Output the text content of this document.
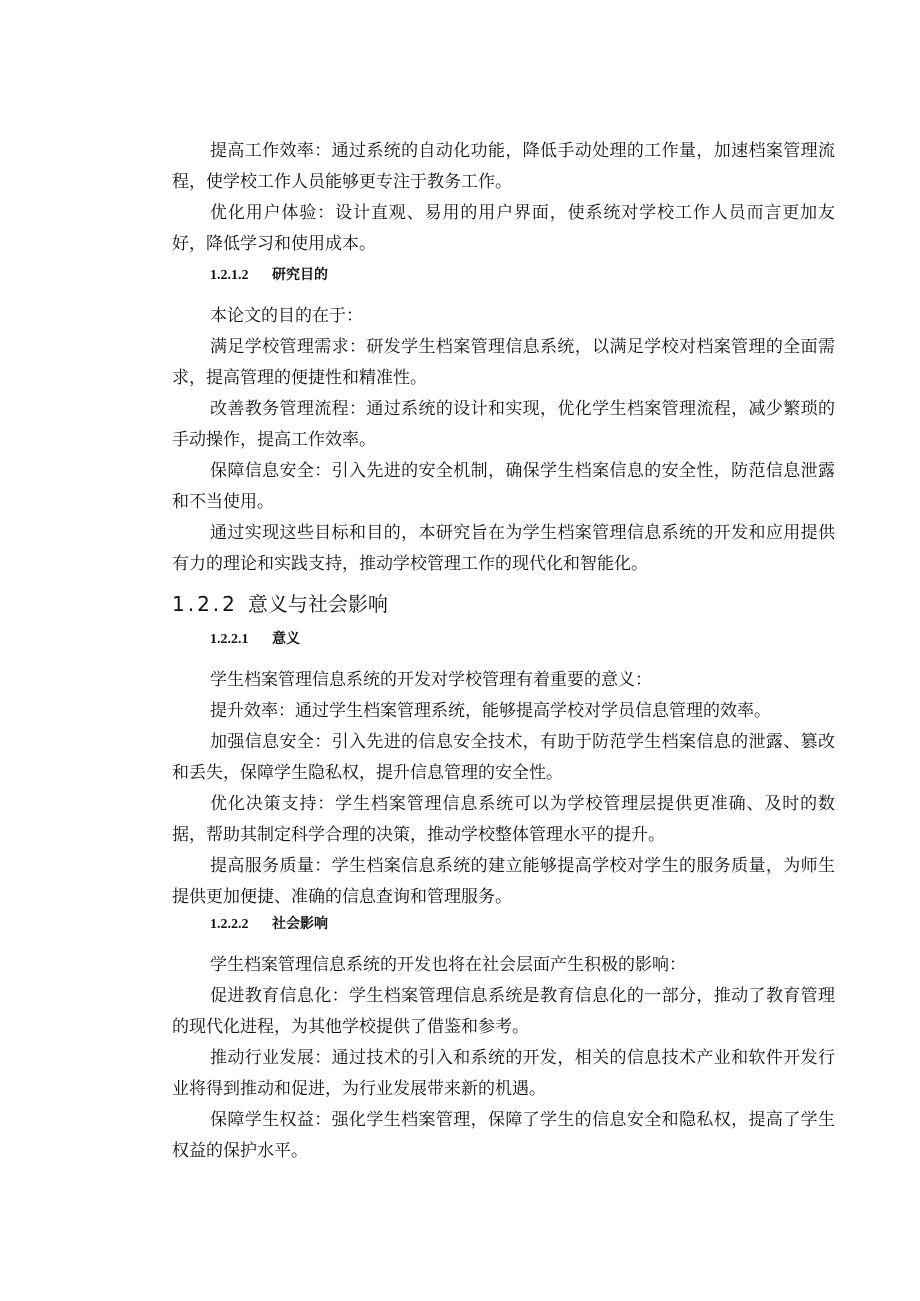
提高工作效率：通过系统的自动化功能，降低手动处理的工作量，加速档案管理流程，使学校工作人员能够更专注于教务工作。

优化用户体验：设计直观、易用的用户界面，使系统对学校工作人员而言更加友好，降低学习和使用成本。

1.2.1.2 研究目的

本论文的目的在于：

满足学校管理需求：研发学生档案管理信息系统，以满足学校对档案管理的全面需求，提高管理的便捷性和精准性。

改善教务管理流程：通过系统的设计和实现，优化学生档案管理流程，减少繁琐的手动操作，提高工作效率。

保障信息安全：引入先进的安全机制，确保学生档案信息的安全性，防范信息泄露和不当使用。

通过实现这些目标和目的，本研究旨在为学生档案管理信息系统的开发和应用提供有力的理论和实践支持，推动学校管理工作的现代化和智能化。

1.2.2 意义与社会影响
1.2.2.1 意义

学生档案管理信息系统的开发对学校管理有着重要的意义：

提升效率：通过学生档案管理系统，能够提高学校对学员信息管理的效率。

加强信息安全：引入先进的信息安全技术，有助于防范学生档案信息的泄露、篡改和丢失，保障学生隐私权，提升信息管理的安全性。

优化决策支持：学生档案管理信息系统可以为学校管理层提供更准确、及时的数据，帮助其制定科学合理的决策，推动学校整体管理水平的提升。

提高服务质量：学生档案信息系统的建立能够提高学校对学生的服务质量，为师生提供更加便捷、准确的信息查询和管理服务。

1.2.2.2 社会影响

学生档案管理信息系统的开发也将在社会层面产生积极的影响：

促进教育信息化：学生档案管理信息系统是教育信息化的一部分，推动了教育管理的现代化进程，为其他学校提供了借鉴和参考。

推动行业发展：通过技术的引入和系统的开发，相关的信息技术产业和软件开发行业将得到推动和促进，为行业发展带来新的机遇。

保障学生权益：强化学生档案管理，保障了学生的信息安全和隐私权，提高了学生权益的保护水平。
